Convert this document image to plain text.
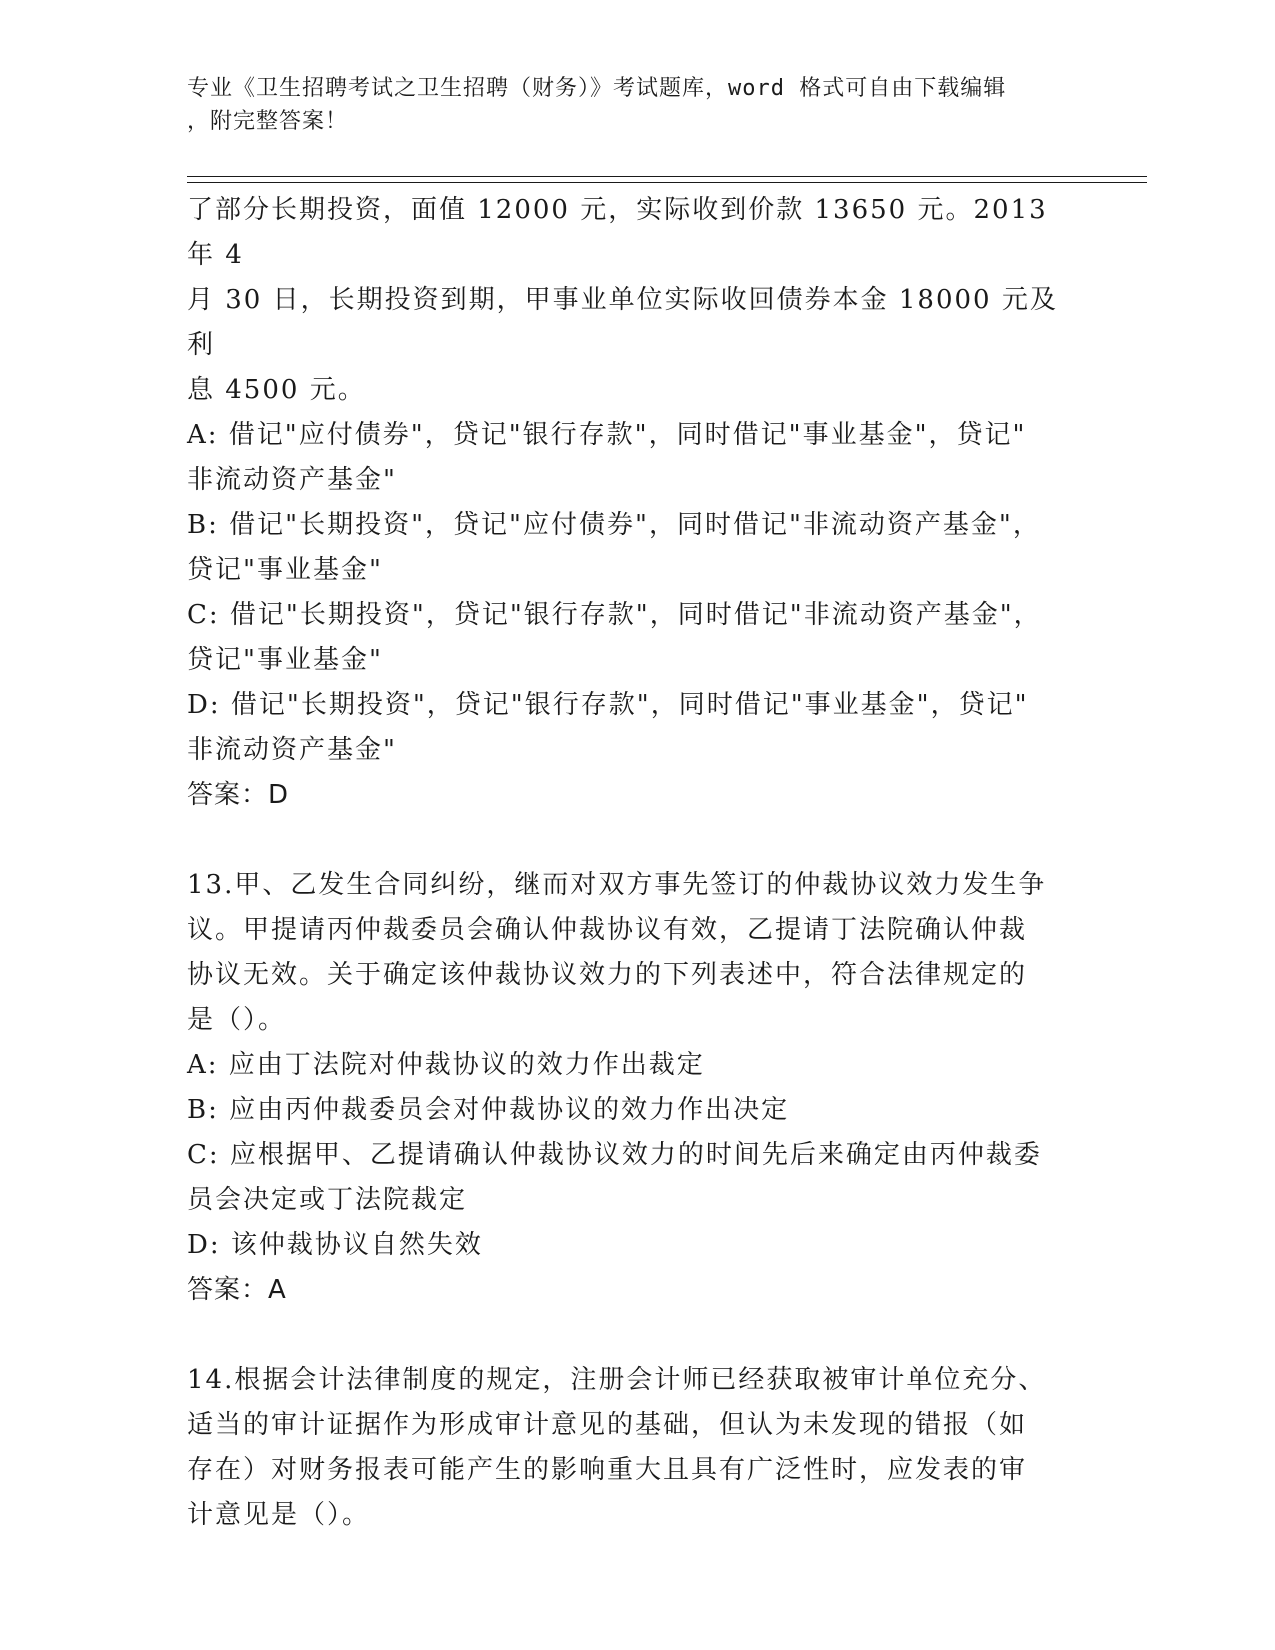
专业《卫生招聘考试之卫生招聘（财务）》考试题库，word 格式可自由下载编辑
，附完整答案！

了部分长期投资，面值 12000 元，实际收到价款 13650 元。2013 年 4

月 30 日，长期投资到期，甲事业单位实际收回债券本金 18000 元及利

息 4500 元。

A: 借记"应付债券"，贷记"银行存款"，同时借记"事业基金"，贷记"

非流动资产基金"

B: 借记"长期投资"，贷记"应付债券"，同时借记"非流动资产基金"，

贷记"事业基金"

C: 借记"长期投资"，贷记"银行存款"，同时借记"非流动资产基金"，

贷记"事业基金"

D: 借记"长期投资"，贷记"银行存款"，同时借记"事业基金"，贷记"

非流动资产基金"

答案：D

13.甲、乙发生合同纠纷，继而对双方事先签订的仲裁协议效力发生争

议。甲提请丙仲裁委员会确认仲裁协议有效，乙提请丁法院确认仲裁

协议无效。关于确定该仲裁协议效力的下列表述中，符合法律规定的

是（）。

A: 应由丁法院对仲裁协议的效力作出裁定

B: 应由丙仲裁委员会对仲裁协议的效力作出决定

C: 应根据甲、乙提请确认仲裁协议效力的时间先后来确定由丙仲裁委

员会决定或丁法院裁定

D: 该仲裁协议自然失效

答案：A

14.根据会计法律制度的规定，注册会计师已经获取被审计单位充分、

适当的审计证据作为形成审计意见的基础，但认为未发现的错报（如

存在）对财务报表可能产生的影响重大且具有广泛性时，应发表的审

计意见是（）。
